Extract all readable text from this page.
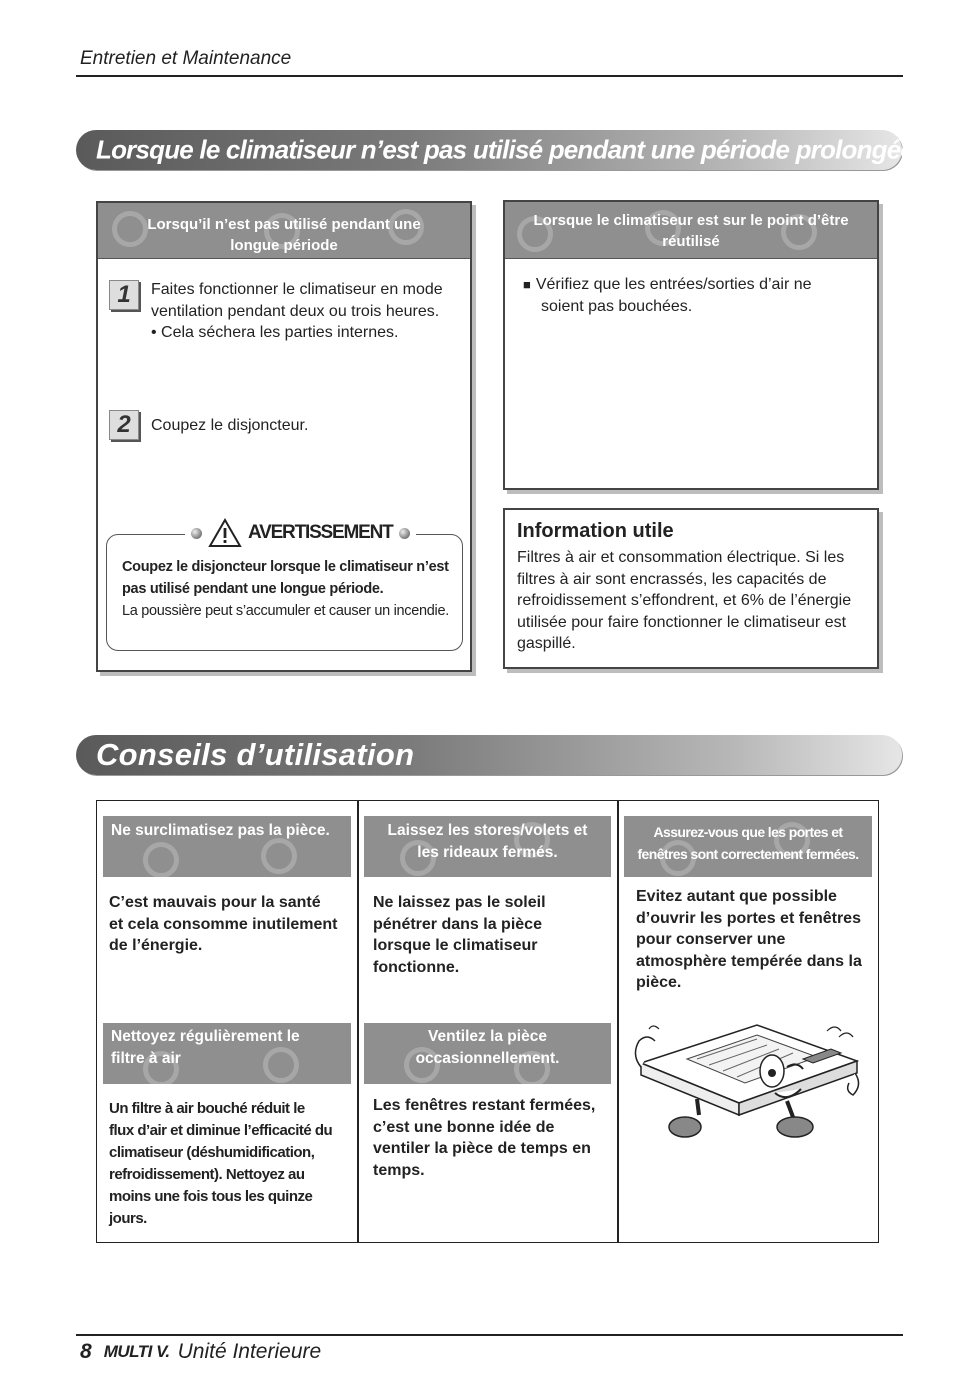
Entretien et Maintenance
Lorsque le climatiseur n’est pas utilisé pendant une période prolongée.
Lorsqu’il n’est pas utilisé pendant une longue période
1	Faites fonctionner le climatiseur en mode
ventilation pendant deux ou trois heures.
• Cela séchera les parties internes.
2	Coupez le disjoncteur.
AVERTISSEMENT
Coupez le disjoncteur lorsque le climatiseur n’est
pas utilisé pendant une longue période.
La poussière peut s’accumuler et causer un incendie.
Lorsque le climatiseur est sur le point d’être réutilisé
■ Vérifiez que les entrées/sorties d’air ne
soient pas bouchées.
Information utile
Filtres à air et consommation électrique. Si les
filtres à air sont encrassés, les capacités de
refroidissement s’effondrent, et 6% de l’énergie
utilisée pour faire fonctionner le climatiseur est
gaspillé.
Conseils d’utilisation
Ne surclimatisez pas la pièce.
C’est mauvais pour la santé
et cela consomme inutilement
de l’énergie.
Laissez les stores/volets et
les rideaux fermés.
Ne laissez pas le soleil
pénétrer dans la pièce
lorsque le climatiseur
fonctionne.
Assurez-vous que les portes et
fenêtres sont correctement fermées.
Evitez autant que possible
d’ouvrir les portes et fenêtres
pour conserver une
atmosphère tempérée dans la
pièce.
Nettoyez régulièrement le
filtre à air
Un filtre à air bouché réduit le
flux d’air et diminue l’efficacité du
climatiseur (déshumidification,
refroidissement). Nettoyez au
moins une fois tous les quinze
jours.
Ventilez la pièce
occasionnellement.
Les fenêtres restant fermées,
c’est une bonne idée de
ventiler la pièce de temps en
temps.
8 MULTI V. Unité Interieure
